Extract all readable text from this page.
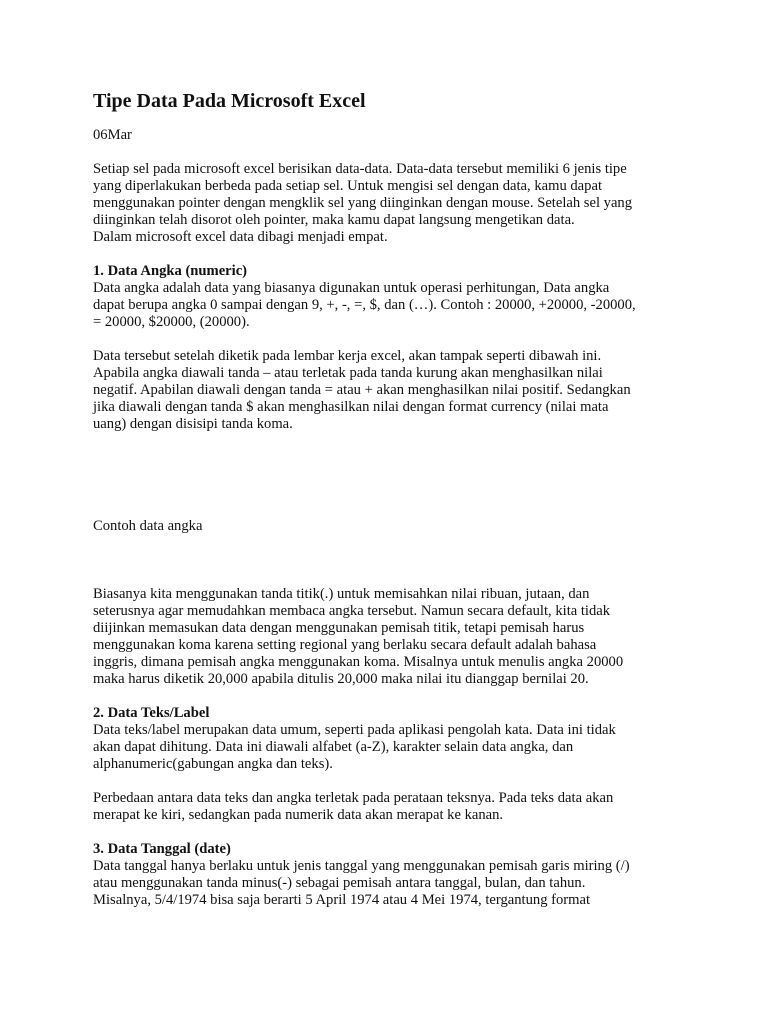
Tipe Data Pada Microsoft Excel

06Mar

Setiap sel pada microsoft excel berisikan data-data. Data-data tersebut memiliki 6 jenis tipe

yang diperlakukan berbeda pada setiap sel. Untuk mengisi sel dengan data, kamu dapat

menggunakan pointer dengan mengklik sel yang diinginkan dengan mouse. Setelah sel yang

diinginkan telah disorot oleh pointer, maka kamu dapat langsung mengetikan data.

Dalam microsoft excel data dibagi menjadi empat.

1. Data Angka (numeric)

Data angka adalah data yang biasanya digunakan untuk operasi perhitungan, Data angka

dapat berupa angka 0 sampai dengan 9, +, -, =, $, dan (…). Contoh : 20000, +20000, -20000,

= 20000, $20000, (20000).

Data tersebut setelah diketik pada lembar kerja excel, akan tampak seperti dibawah ini.

Apabila angka diawali tanda – atau terletak pada tanda kurung akan menghasilkan nilai

negatif. Apabilan diawali dengan tanda = atau + akan menghasilkan nilai positif. Sedangkan

jika diawali dengan tanda $ akan menghasilkan nilai dengan format currency (nilai mata

uang) dengan disisipi tanda koma.

Contoh data angka

Biasanya kita menggunakan tanda titik(.) untuk memisahkan nilai ribuan, jutaan, dan

seterusnya agar memudahkan membaca angka tersebut. Namun secara default, kita tidak

diijinkan memasukan data dengan menggunakan pemisah titik, tetapi pemisah harus

menggunakan koma karena setting regional yang berlaku secara default adalah bahasa

inggris, dimana pemisah angka menggunakan koma. Misalnya untuk menulis angka 20000

maka harus diketik 20,000 apabila ditulis 20,000 maka nilai itu dianggap bernilai 20.

2. Data Teks/Label

Data teks/label merupakan data umum, seperti pada aplikasi pengolah kata. Data ini tidak

akan dapat dihitung. Data ini diawali alfabet (a-Z), karakter selain data angka, dan

alphanumeric(gabungan angka dan teks).

Perbedaan antara data teks dan angka terletak pada perataan teksnya. Pada teks data akan

merapat ke kiri, sedangkan pada numerik data akan merapat ke kanan.

3. Data Tanggal (date)

Data tanggal hanya berlaku untuk jenis tanggal yang menggunakan pemisah garis miring (/)

atau menggunakan tanda minus(-) sebagai pemisah antara tanggal, bulan, dan tahun.

Misalnya, 5/4/1974 bisa saja berarti 5 April 1974 atau 4 Mei 1974, tergantung format
